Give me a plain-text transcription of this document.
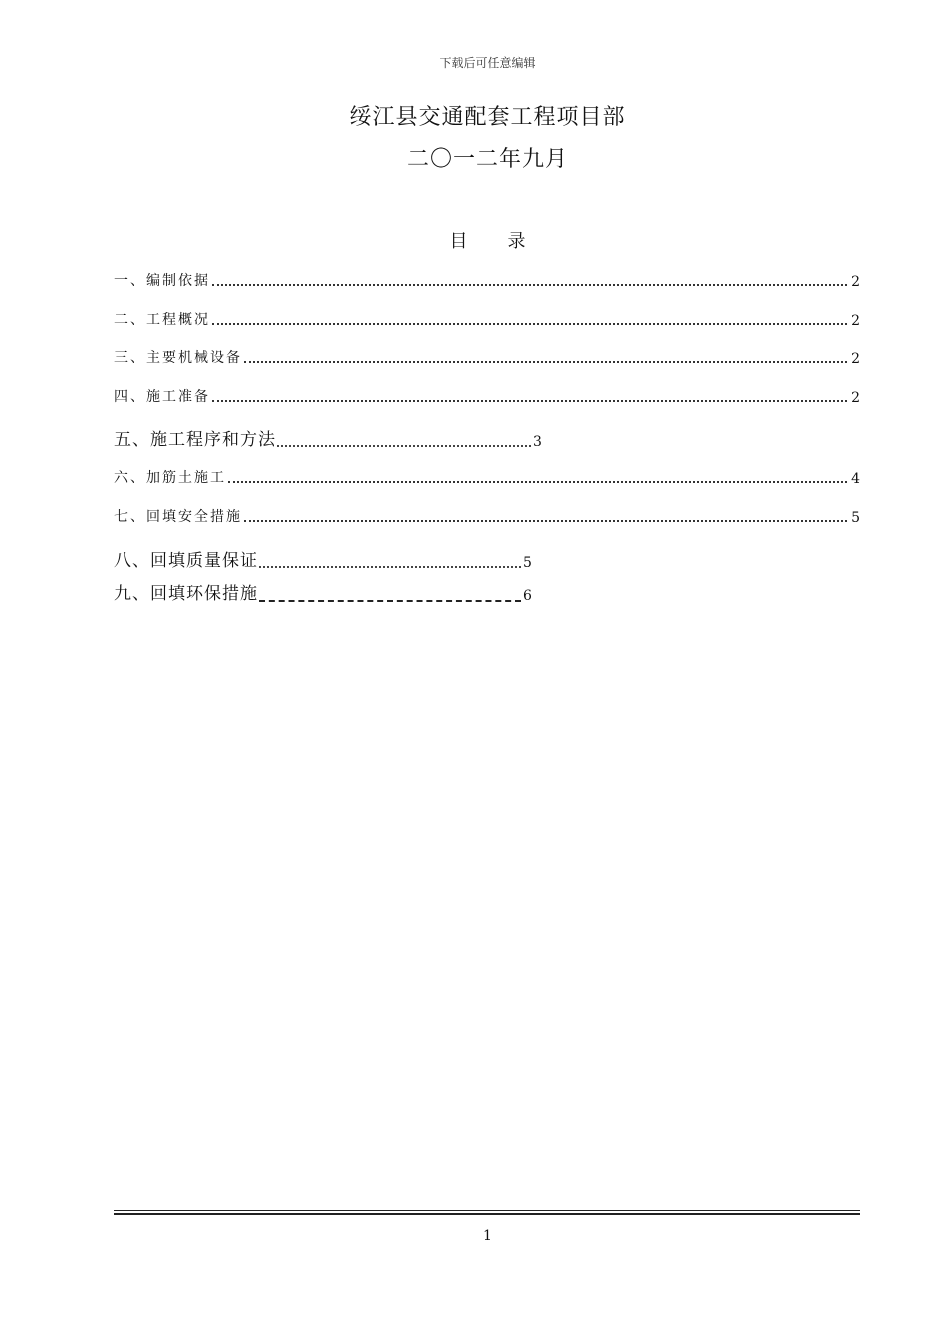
下载后可任意编辑
绥江县交通配套工程项目部
二〇一二年九月
目录
一、编制依据	2
二、工程概况	2
三、主要机械设备	2
四、施工准备	2
五、施工程序和方法	3
六、加筋土施工	4
七、回填安全措施	5
八、回填质量保证	5
九、回填环保措施	6
1
